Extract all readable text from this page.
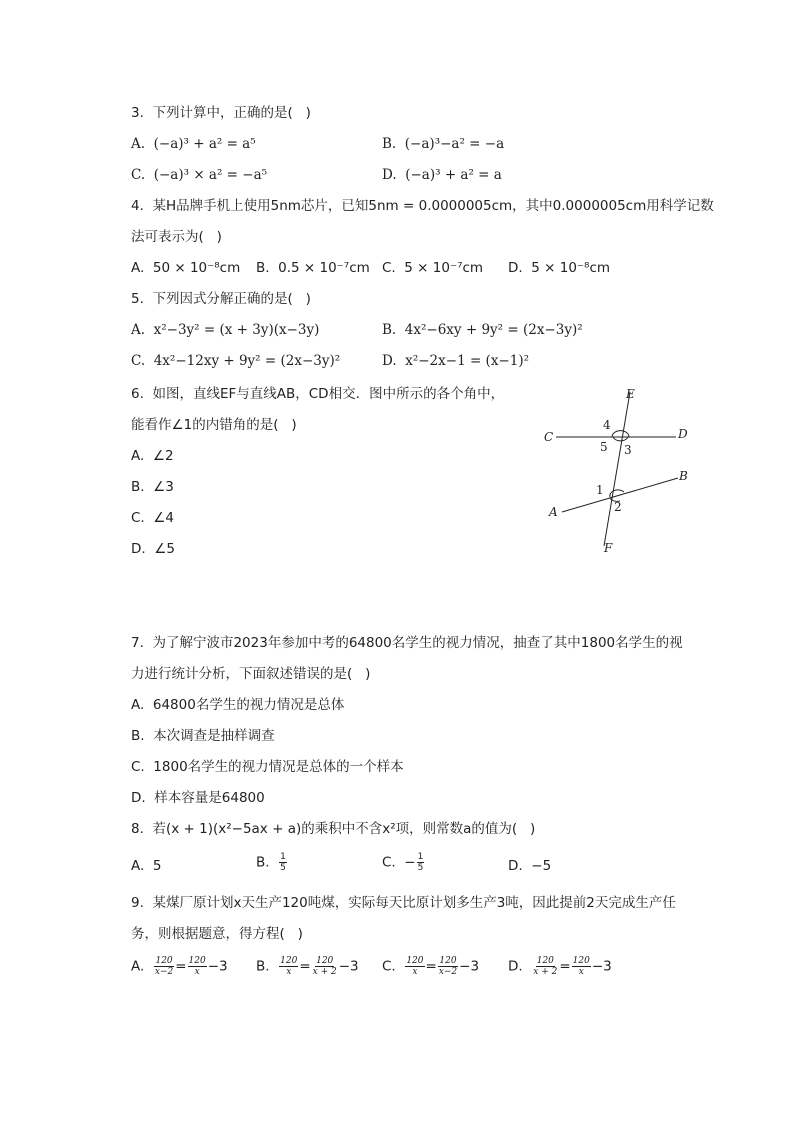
3.  下列计算中，正确的是(   )
A.  (−a)³ + a² = a⁵	B.  (−a)³−a² = −a
C.  (−a)³ × a² = −a⁵	D.  (−a)³ + a² = a
4.  某H品牌手机上使用5nm芯片，已知5nm = 0.0000005cm，其中0.0000005cm用科学记数
法可表示为(   )
A.  50 × 10⁻⁸cm B.  0.5 × 10⁻⁷cm C.  5 × 10⁻⁷cm D.  5 × 10⁻⁸cm
5.  下列因式分解正确的是(   )
A.  x²−3y² = (x + 3y)(x−3y)	B.  4x²−6xy + 9y² = (2x−3y)²
C.  4x²−12xy + 9y² = (2x−3y)²	D.  x²−2x−1 = (x−1)²
6.  如图，直线EF与直线AB，CD相交．图中所示的各个角中，
能看作∠1的内错角的是(   )
A.  ∠2
B.  ∠3
C.  ∠4
D.  ∠5
E
C	D
B
A
F
4
5 3
1
2
7.  为了解宁波市2023年参加中考的64800名学生的视力情况，抽查了其中1800名学生的视
力进行统计分析，下面叙述错误的是(   )
A.  64800名学生的视力情况是总体
B.  本次调查是抽样调查
C.  1800名学生的视力情况是总体的一个样本
D.  样本容量是64800
8.  若(x + 1)(x²−5ax + a)的乘积中不含x²项，则常数a的值为(   )
A.  5	B. $\frac{1}{5}$	C.  − $\frac{1}{5}$	D.  −5
9.  某煤厂原计划x天生产120吨煤，实际每天比原计划多生产3吨，因此提前2天完成生产任
务，则根据题意，得方程(   )
A. $\frac{120}{x-2} = \frac{120}{x} -3$ B. $\frac{120}{x} = \frac{120}{x + 2} -3$ C. $\frac{120}{x} = \frac{120}{x-2} -3$ D. $\frac{120}{x + 2} = \frac{120}{x} -3$
